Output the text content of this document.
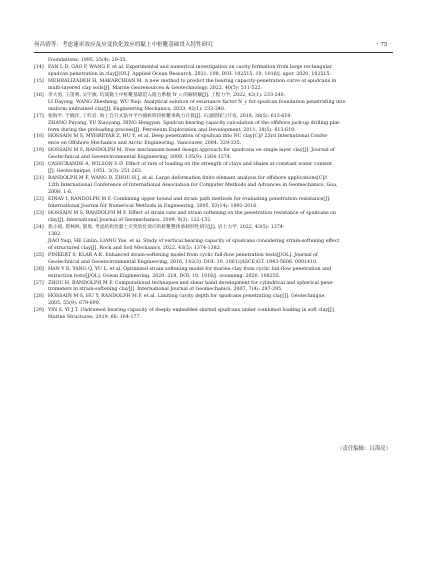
何昌情等：考虑速率效应及应变软化效应的黏土中桩靴基础贯入特性研究	· 75 ·
Foundations, 1995, 35(4): 29-35.
[14] FAN L D, GAO P, WANG F, et al. Experimental and numerical investigation on cavity formation from large rectangular
spudcan penetration in clay[J/OL]. Applied Ocean Research, 2021, 108, DOI: 102515. 10. 1016/j. apor. 2020. 102515.
[15] MEHRALIZADEH H, MAKARCHIAN M. A new method to predict the bearing capacity-penetration curve of spudcans in
multi-layered clay soils[J]. Marine Georesources & Geotechnology, 2022, 40(5): 511-522.
[16] 李大勇, 王笛鸣, 吴宇旗. 均质黏土中桩靴基础贯入阻力系数 N_c 的解析解[J]. 工程力学, 2022, 42(1): 233-240.
LI Dayong, WANG Zhesheng, WU Yuqi. Analytical solution of resistance factor N_c for spudcan foundation penetrating into
uniform undrained clay[J]. Engineering Mechanics, 2023, 42(1): 233-240.
[17] 张海平, 于晓洋, 丁红岩. 海上自升式钻井平台插桩阶段桩靴承载力计算[J]. 石油勘探与开发, 2018, 38(5): 613-619.
ZHANG Puyang, YU Xiaoyang, DING Hongyan. Spudcan bearing capacity calculation of the offshore jack-up drilling plat-
form during the preloading process[J]. Petroleum Exploration and Development, 2011, 38(5): 613-619.
[18] HOSSAIN M S, MYHREYAR Z, HU Y, et al. Deep penetration of spudcan into NC clay[C]// 23rd International Confer-
ence on Offshore Mechanics and Arctic Engineering. Vancouver, 2004: 329-335.
[19] HOSSAIN M S, RANDOLPH M. New mechanism-based design approach for spudcans on single layer clay[J]. Journal of
Geotechnical and Geoenvironmental Engineering, 2009, 135(9): 1264-1274.
[20] CASSCRANDE A, WILSON S D. Effect of rate of loading on the strength of clays and shales at constant water content
[J]. Geotechnique, 1951, 2(3): 251-263.
[21] RANDOLPH M F, WANG D, ZHOU H J, et al. Large deformation finite element analysis for offshore applications[C]//
12th International Conference of International Association for Computer Methods and Advances in Geomechanics, Goa,
2008: 1-6.
[22] EINAV I, RANDOLPH M F. Combining upper bound and strain path methods for evaluating penetration resistance[J].
International Journal for Numerical Methods in Engineering, 2005, 63(14): 1991-2016.
[23] HOSSAIN M S, RANDOLPH M F. Effect of strain rate and strain softening on the penetration resistance of spudcans on
clay[J]. International Journal of Geomechanics, 2009, 9(3): 122-132.
[24] 焦小斌, 贺林林, 梁勇. 考虑结构性黏土应变软化效应的桩靴整体承载特性研究[J]. 岩土力学, 2022, 43(5): 1374-
1382.
JIAO Yuqi, HE Linlin, LIANG Yue, et al. Study of vertical bearing capacity of spudcans considering strain-softening effect
of structured clay[J]. Rock and Soil Mechanics, 2022, 43(5): 1374-1382.
[25] PINKERT S, KLAR A K. Enhanced strain-softening model from cyclic full-flow penetration tests[J/OL]. Journal of
Geotechnical and Geoenvironmental Engineering, 2016, 142(3). DOI: 10. 1061/(ASCE)GT. 1943-5606. 0001410.
[26] HAN Y R, YANG Q, YU L, et al. Optimized strain softening model for marine clay from cyclic full-flow penetration and
extraction tests[J/OL]. Ocean Engineering, 2020, 218, DOI: 10. 1016/j. oceaneng. 2020. 108255.
[27] ZHOU H, RANDOLPH M F. Computational techniques and shear band development for cylindrical and spherical pene-
trometers in strain-softening clay[J]. International Journal of Geomechanics, 2007, 7(4): 287-295.
[28] HOSSAIN M S, HU Y, RANDOLPH M F, et al. Limiting cavity depth for spudcans penetrating clay[J]. Géotechnique,
2005, 55(9): 679-690.
[29] YIN S, YI J T. Undrained bearing capacity of deeply embedded skirted spudcans under combined loading in soft clay[J].
Marine Structures, 2019, 66: 164-177.
（责任编辑：吕海亮）
